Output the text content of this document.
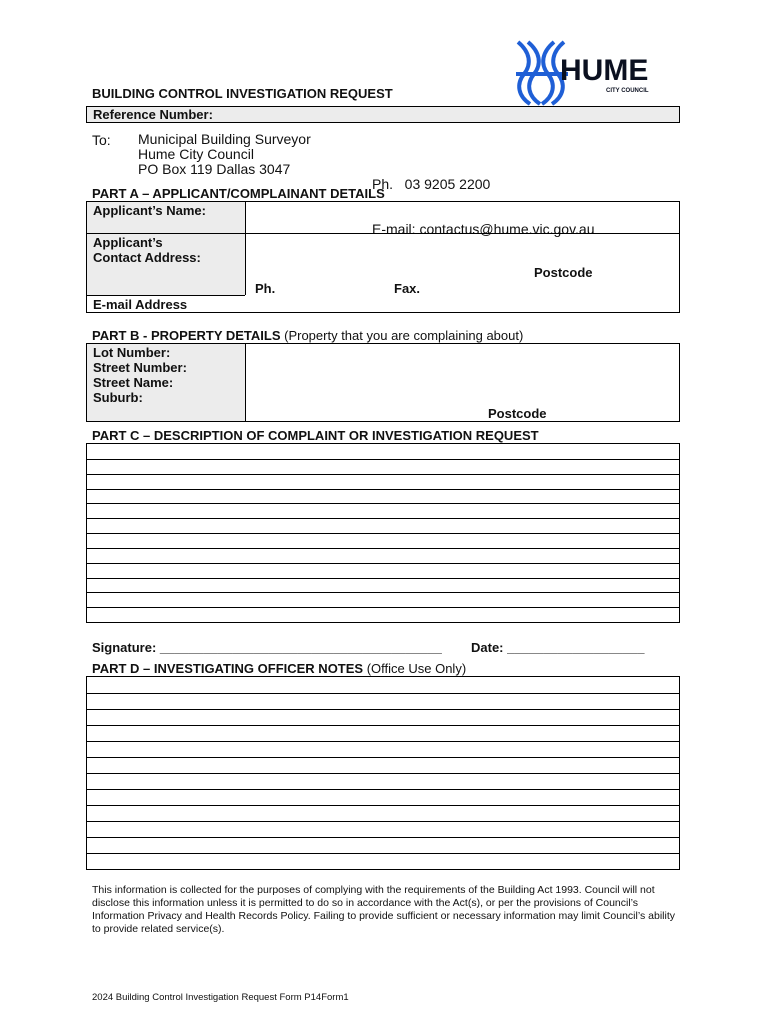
HUME
CITY COUNCIL
BUILDING CONTROL INVESTIGATION REQUEST
Reference Number:
To: Municipal Building Surveyor
Hume City Council
PO Box 119 Dallas 3047

Ph.   03 9205 2200

E-mail: contactus@hume.vic.gov.au

PART A – APPLICANT/COMPLAINANT DETAILS
Applicant’s Name:
Applicant’s
Contact Address:
Postcode
Ph.	Fax.
E-mail Address
PART B - PROPERTY DETAILS (Property that you are complaining about)
Lot Number:
Street Number:
Street Name:
Suburb:
Postcode
PART C – DESCRIPTION OF COMPLAINT OR INVESTIGATION REQUEST
Signature: _______________________________________ Date: ___________________
PART D – INVESTIGATING OFFICER NOTES (Office Use Only)
This information is collected for the purposes of complying with the requirements of the Building Act 1993. Council will not disclose this information unless it is permitted to do so in accordance with the Act(s), or per the provisions of Council’s Information Privacy and Health Records Policy. Failing to provide sufficient or necessary information may limit Council’s ability to provide related service(s).
2024 Building Control Investigation Request Form P14Form1
